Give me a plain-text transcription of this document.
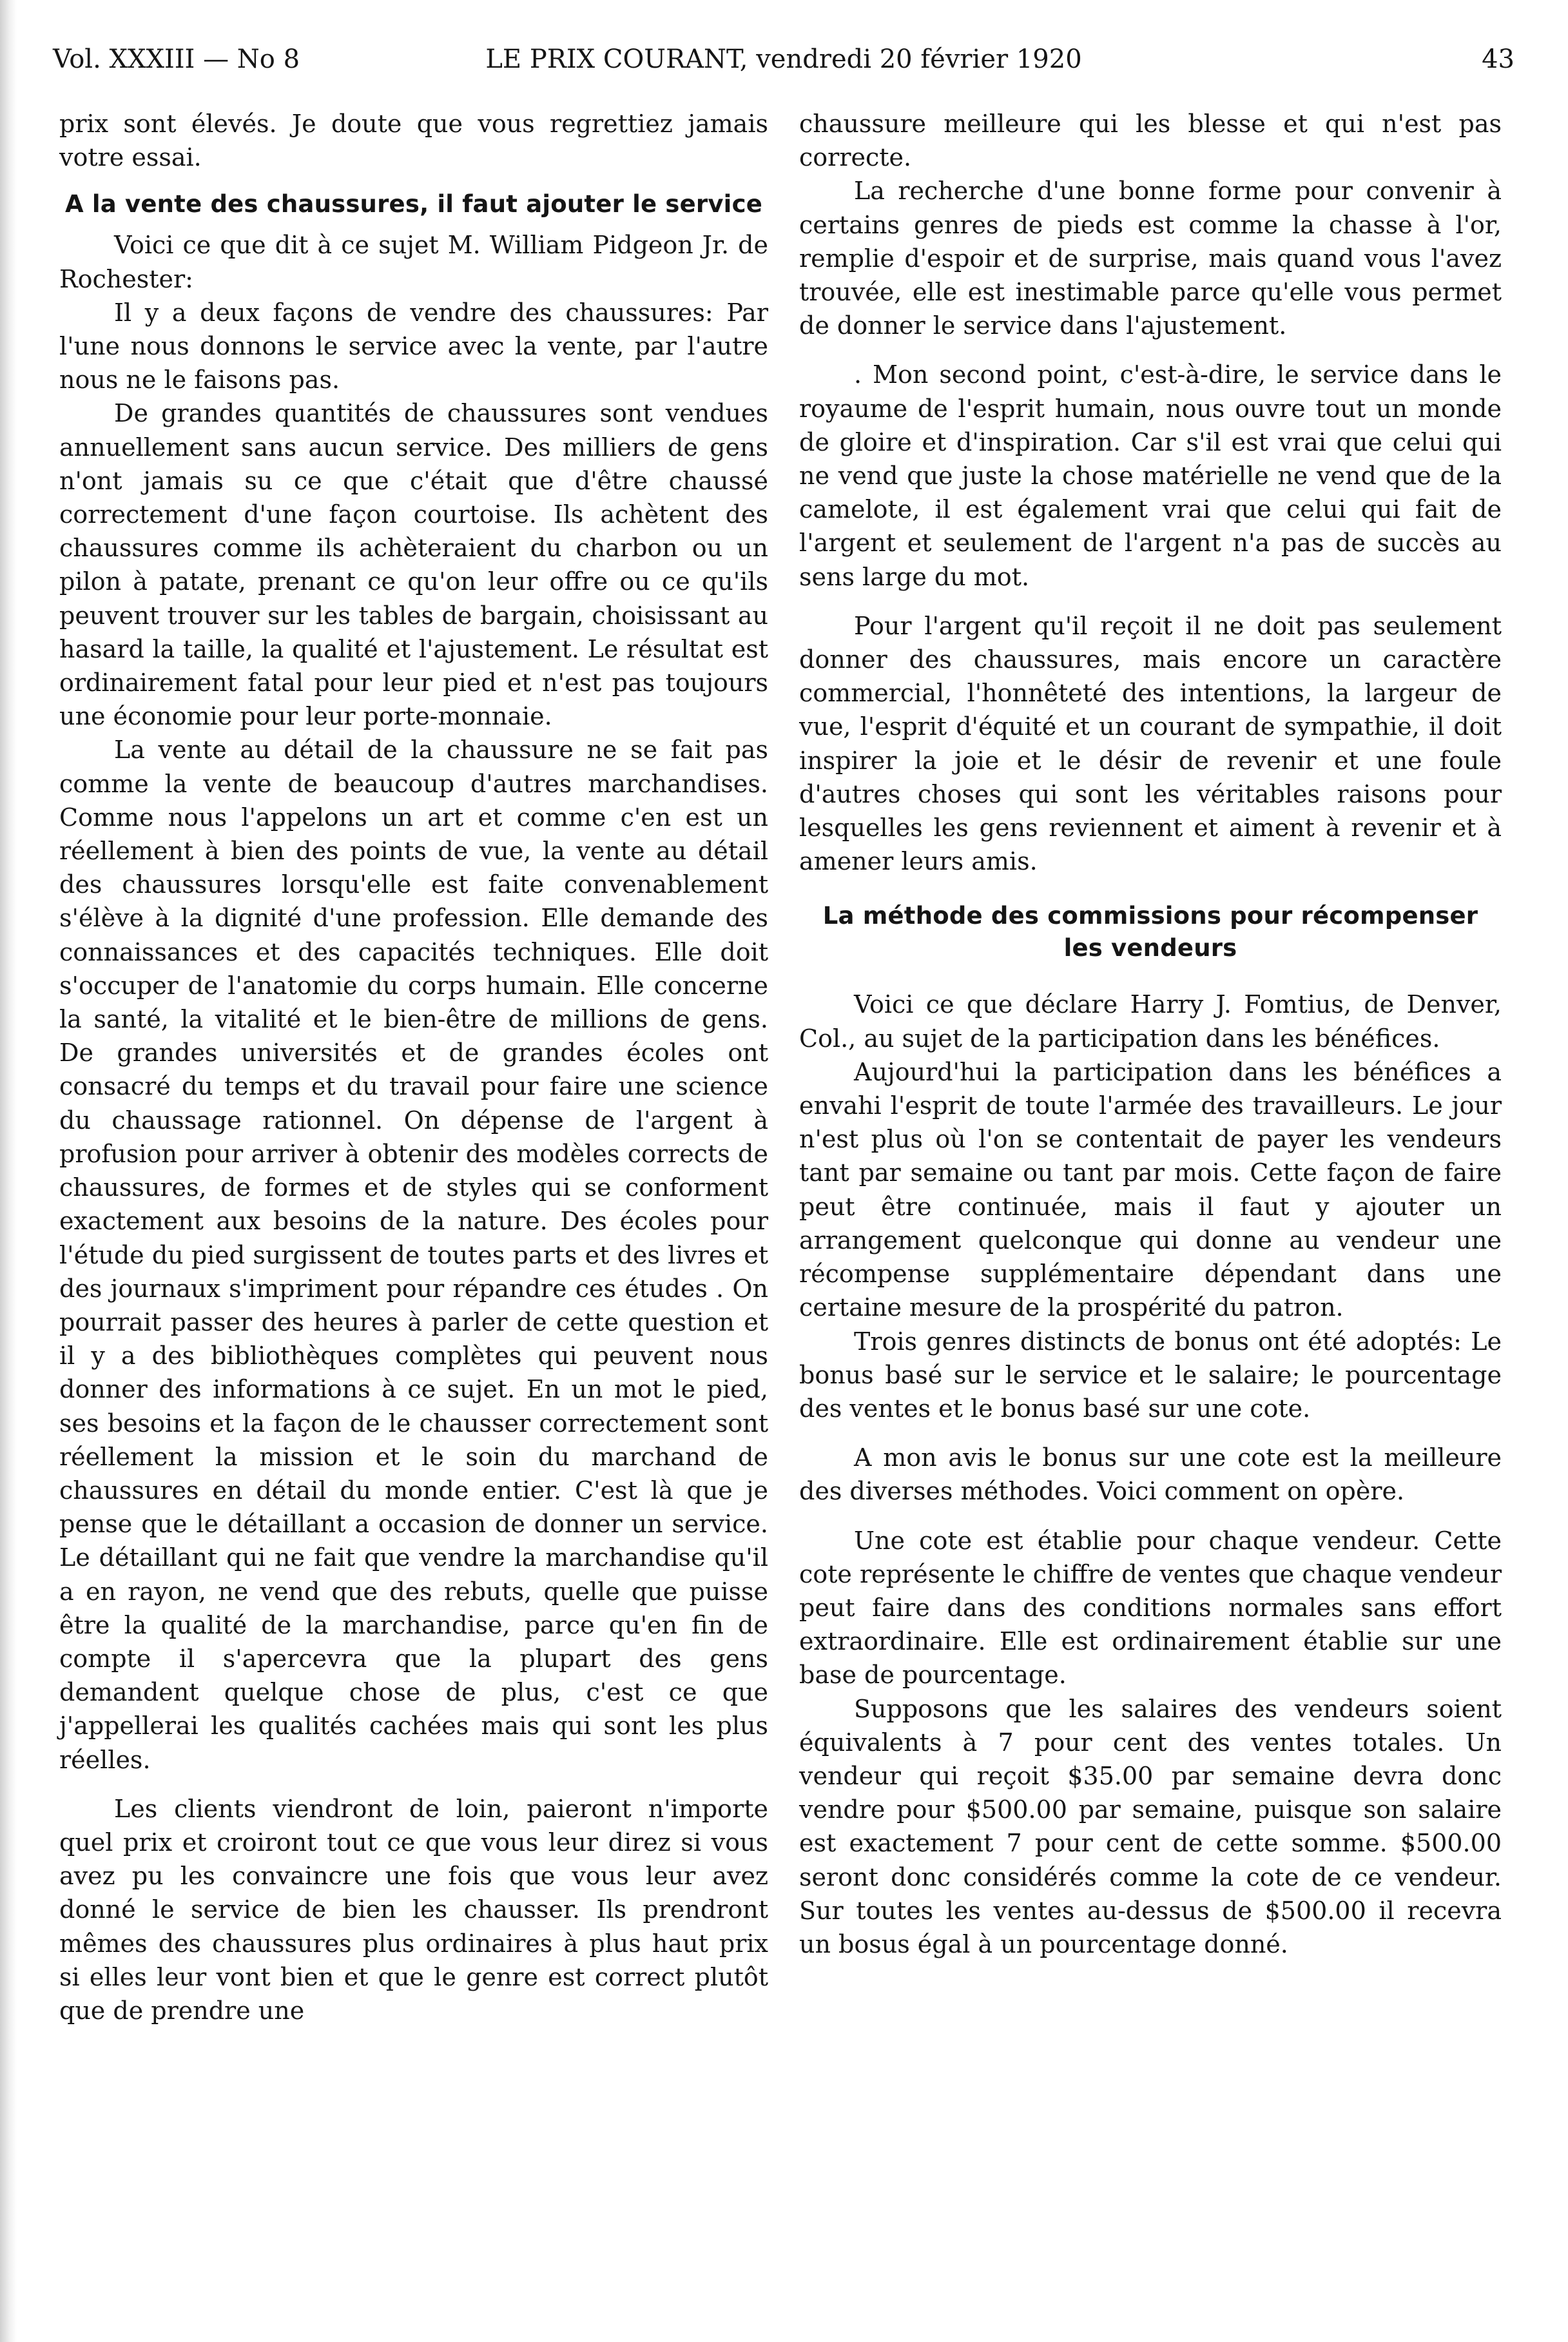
Vol. XXXIII — No 8	LE PRIX COURANT, vendredi 20 février 1920	43

prix sont élevés. Je doute que vous regrettiez jamais votre essai.

A la vente des chaussures, il faut ajouter le service

Voici ce que dit à ce sujet M. William Pidgeon Jr. de Rochester:

Il y a deux façons de vendre des chaussures: Par l'une nous donnons le service avec la vente, par l'autre nous ne le faisons pas.

De grandes quantités de chaussures sont vendues annuellement sans aucun service. Des milliers de gens n'ont jamais su ce que c'était que d'être chaussé correctement d'une façon courtoise. Ils achètent des chaussures comme ils achèteraient du charbon ou un pilon à patate, prenant ce qu'on leur offre ou ce qu'ils peuvent trouver sur les tables de bargain, choisissant au hasard la taille, la qualité et l'ajustement. Le résultat est ordinairement fatal pour leur pied et n'est pas toujours une économie pour leur porte-monnaie.

La vente au détail de la chaussure ne se fait pas comme la vente de beaucoup d'autres marchandises. Comme nous l'appelons un art et comme c'en est un réellement à bien des points de vue, la vente au détail des chaussures lorsqu'elle est faite convenablement s'élève à la dignité d'une profession. Elle demande des connaissances et des capacités techniques. Elle doit s'occuper de l'anatomie du corps humain. Elle concerne la santé, la vitalité et le bien-être de millions de gens. De grandes universités et de grandes écoles ont consacré du temps et du travail pour faire une science du chaussage rationnel. On dépense de l'argent à profusion pour arriver à obtenir des modèles corrects de chaussures, de formes et de styles qui se conforment exactement aux besoins de la nature. Des écoles pour l'étude du pied surgissent de toutes parts et des livres et des journaux s'impriment pour répandre ces études . On pourrait passer des heures à parler de cette question et il y a des bibliothèques complètes qui peuvent nous donner des informations à ce sujet. En un mot le pied, ses besoins et la façon de le chausser correctement sont réellement la mission et le soin du marchand de chaussures en détail du monde entier. C'est là que je pense que le détaillant a occasion de donner un service. Le détaillant qui ne fait que vendre la marchandise qu'il a en rayon, ne vend que des rebuts, quelle que puisse être la qualité de la marchandise, parce qu'en fin de compte il s'apercevra que la plupart des gens demandent quelque chose de plus, c'est ce que j'appellerai les qualités cachées mais qui sont les plus réelles.

Les clients viendront de loin, paieront n'importe quel prix et croiront tout ce que vous leur direz si vous avez pu les convaincre une fois que vous leur avez donné le service de bien les chausser. Ils prendront mêmes des chaussures plus ordinaires à plus haut prix si elles leur vont bien et que le genre est correct plutôt que de prendre une

chaussure meilleure qui les blesse et qui n'est pas correcte.

La recherche d'une bonne forme pour convenir à certains genres de pieds est comme la chasse à l'or, remplie d'espoir et de surprise, mais quand vous l'avez trouvée, elle est inestimable parce qu'elle vous permet de donner le service dans l'ajustement.

. Mon second point, c'est-à-dire, le service dans le royaume de l'esprit humain, nous ouvre tout un monde de gloire et d'inspiration. Car s'il est vrai que celui qui ne vend que juste la chose matérielle ne vend que de la camelote, il est également vrai que celui qui fait de l'argent et seulement de l'argent n'a pas de succès au sens large du mot.

Pour l'argent qu'il reçoit il ne doit pas seulement donner des chaussures, mais encore un caractère commercial, l'honnêteté des intentions, la largeur de vue, l'esprit d'équité et un courant de sympathie, il doit inspirer la joie et le désir de revenir et une foule d'autres choses qui sont les véritables raisons pour lesquelles les gens reviennent et aiment à revenir et à amener leurs amis.

La méthode des commissions pour récompenser les vendeurs

Voici ce que déclare Harry J. Fomtius, de Denver, Col., au sujet de la participation dans les bénéfices.

Aujourd'hui la participation dans les bénéfices a envahi l'esprit de toute l'armée des travailleurs. Le jour n'est plus où l'on se contentait de payer les vendeurs tant par semaine ou tant par mois. Cette façon de faire peut être continuée, mais il faut y ajouter un arrangement quelconque qui donne au vendeur une récompense supplémentaire dépendant dans une certaine mesure de la prospérité du patron.

Trois genres distincts de bonus ont été adoptés: Le bonus basé sur le service et le salaire; le pourcentage des ventes et le bonus basé sur une cote.

A mon avis le bonus sur une cote est la meilleure des diverses méthodes. Voici comment on opère.

Une cote est établie pour chaque vendeur. Cette cote représente le chiffre de ventes que chaque vendeur peut faire dans des conditions normales sans effort extraordinaire. Elle est ordinairement établie sur une base de pourcentage.

Supposons que les salaires des vendeurs soient équivalents à 7 pour cent des ventes totales. Un vendeur qui reçoit $35.00 par semaine devra donc vendre pour $500.00 par semaine, puisque son salaire est exactement 7 pour cent de cette somme. $500.00 seront donc considérés comme la cote de ce vendeur. Sur toutes les ventes au-dessus de $500.00 il recevra un bosus égal à un pourcentage donné.
